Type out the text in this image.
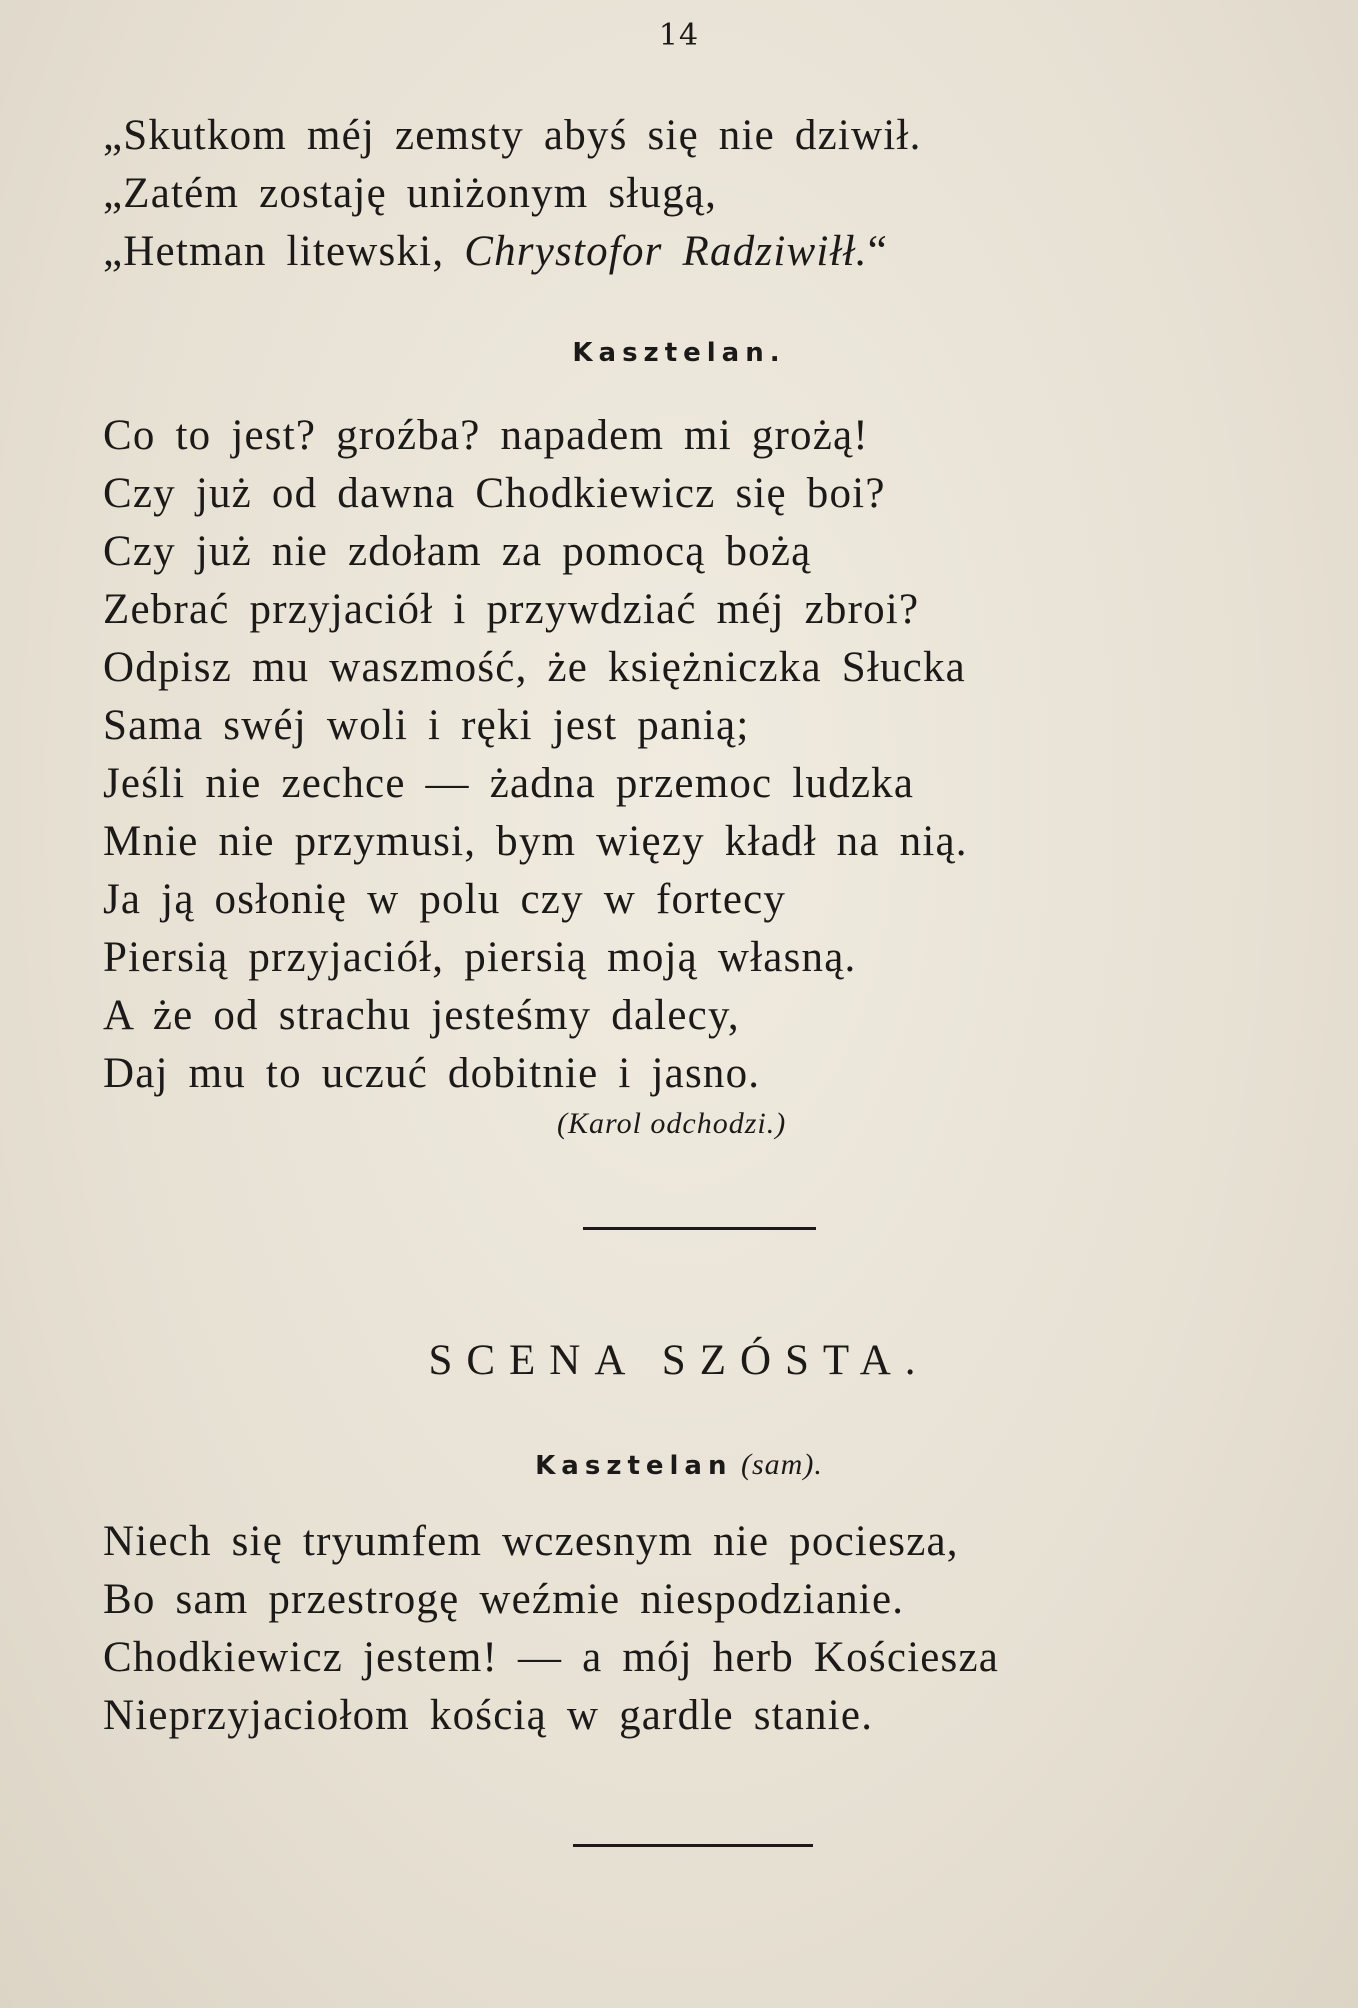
14
„Skutkom méj zemsty abyś się nie dziwił.
„Zatém zostaję uniżonym sługą,
„Hetman litewski, Chrystofor Radziwiłł.“
Kasztelan.
Co to jest? groźba? napadem mi grożą!
Czy już od dawna Chodkiewicz się boi?
Czy już nie zdołam za pomocą bożą
Zebrać przyjaciół i przywdziać méj zbroi?
Odpisz mu waszmość, że księżniczka Słucka
Sama swéj woli i ręki jest panią;
Jeśli nie zechce — żadna przemoc ludzka
Mnie nie przymusi, bym więzy kładł na nią.
Ja ją osłonię w polu czy w fortecy
Piersią przyjaciół, piersią moją własną.
A że od strachu jesteśmy dalecy,
Daj mu to uczuć dobitnie i jasno.
(Karol odchodzi.)
SCENA SZÓSTA.
Kasztelan (sam).
Niech się tryumfem wczesnym nie pociesza,
Bo sam przestrogę weźmie niespodzianie.
Chodkiewicz jestem! — a mój herb Kościesza
Nieprzyjaciołom kością w gardle stanie.
